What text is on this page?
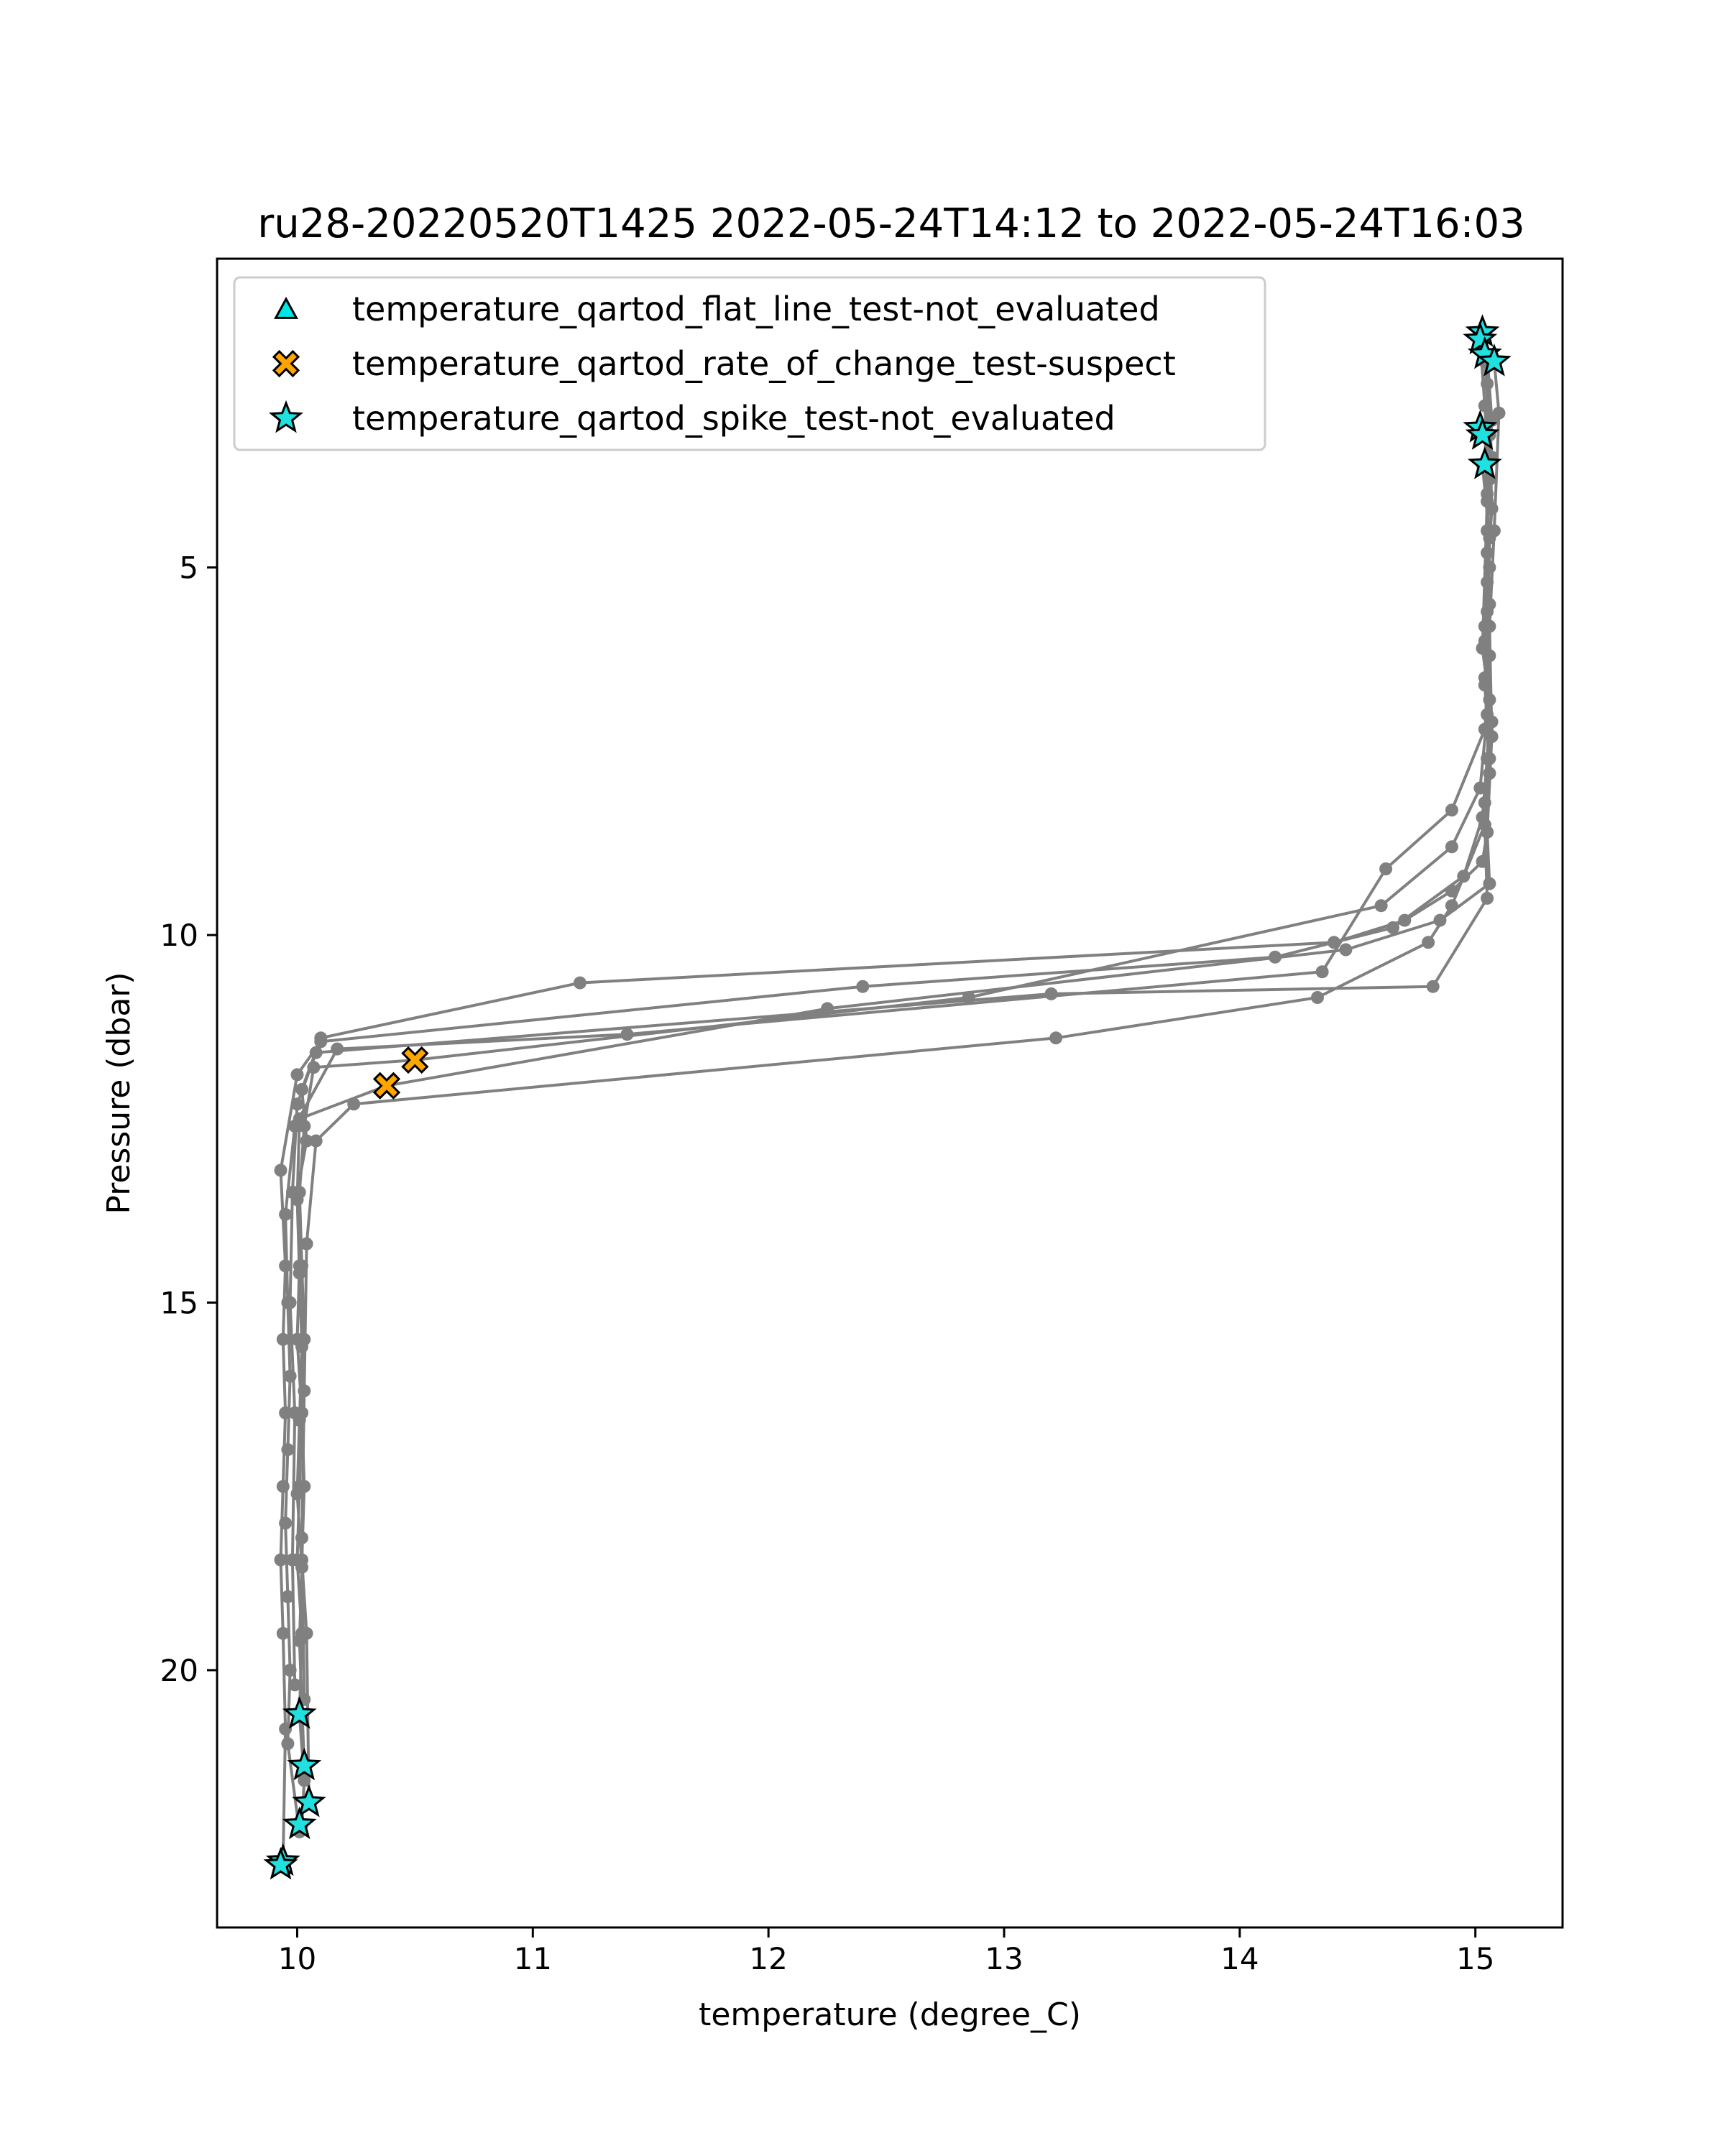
ru28-20220520T1425 2022-05-24T14:12 to 2022-05-24T16:03
10	11	12	13	14	15
5
10
15
20
temperature (degree_C)
Pressure (dbar)
temperature_qartod_flat_line_test-not_evaluated
temperature_qartod_rate_of_change_test-suspect
temperature_qartod_spike_test-not_evaluated
